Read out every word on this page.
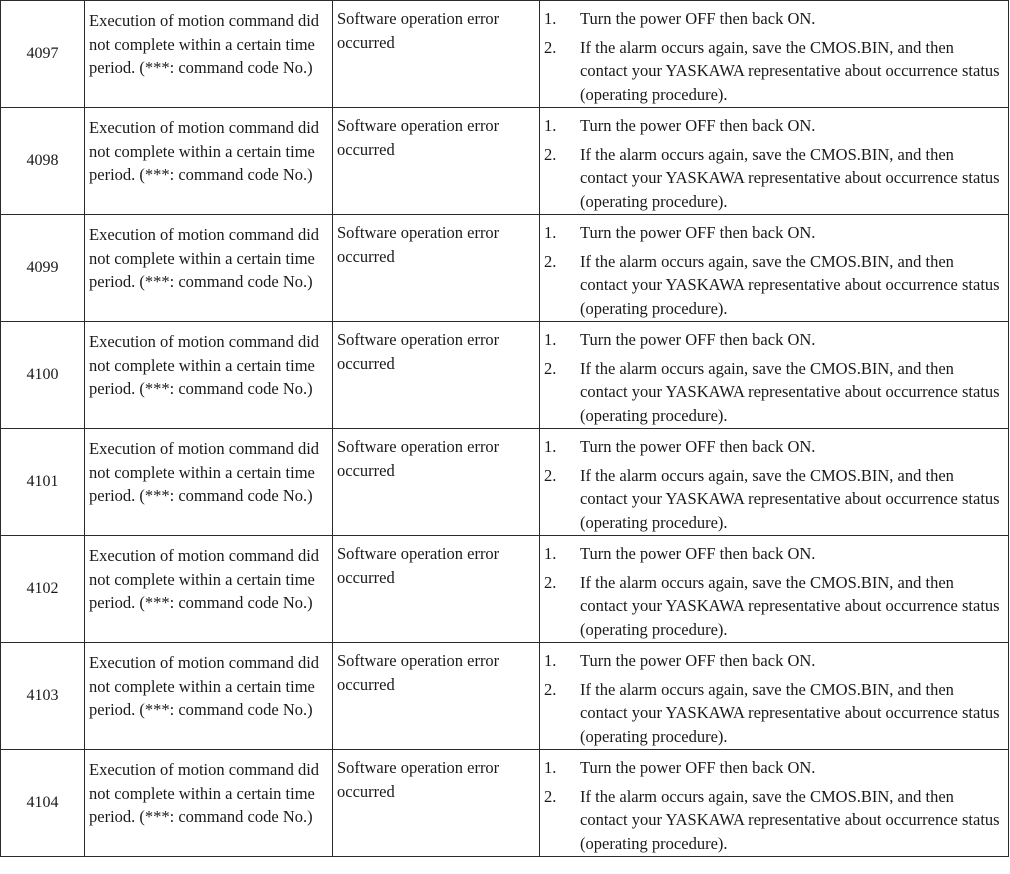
4097	Execution of motion command did not complete within a certain time period. (***: command code No.)	Software operation error occurred	1. Turn the power OFF then back ON.
2. If the alarm occurs again, save the CMOS.BIN, and then contact your YASKAWA representative about occurrence status (operating procedure).

4098	Execution of motion command did not complete within a certain time period. (***: command code No.)	Software operation error occurred	1. Turn the power OFF then back ON.
2. If the alarm occurs again, save the CMOS.BIN, and then contact your YASKAWA representative about occurrence status (operating procedure).

4099	Execution of motion command did not complete within a certain time period. (***: command code No.)	Software operation error occurred	1. Turn the power OFF then back ON.
2. If the alarm occurs again, save the CMOS.BIN, and then contact your YASKAWA representative about occurrence status (operating procedure).

4100	Execution of motion command did not complete within a certain time period. (***: command code No.)	Software operation error occurred	1. Turn the power OFF then back ON.
2. If the alarm occurs again, save the CMOS.BIN, and then contact your YASKAWA representative about occurrence status (operating procedure).

4101	Execution of motion command did not complete within a certain time period. (***: command code No.)	Software operation error occurred	1. Turn the power OFF then back ON.
2. If the alarm occurs again, save the CMOS.BIN, and then contact your YASKAWA representative about occurrence status (operating procedure).

4102	Execution of motion command did not complete within a certain time period. (***: command code No.)	Software operation error occurred	1. Turn the power OFF then back ON.
2. If the alarm occurs again, save the CMOS.BIN, and then contact your YASKAWA representative about occurrence status (operating procedure).

4103	Execution of motion command did not complete within a certain time period. (***: command code No.)	Software operation error occurred	1. Turn the power OFF then back ON.
2. If the alarm occurs again, save the CMOS.BIN, and then contact your YASKAWA representative about occurrence status (operating procedure).

4104	Execution of motion command did not complete within a certain time period. (***: command code No.)	Software operation error occurred	1. Turn the power OFF then back ON.
2. If the alarm occurs again, save the CMOS.BIN, and then contact your YASKAWA representative about occurrence status (operating procedure).
